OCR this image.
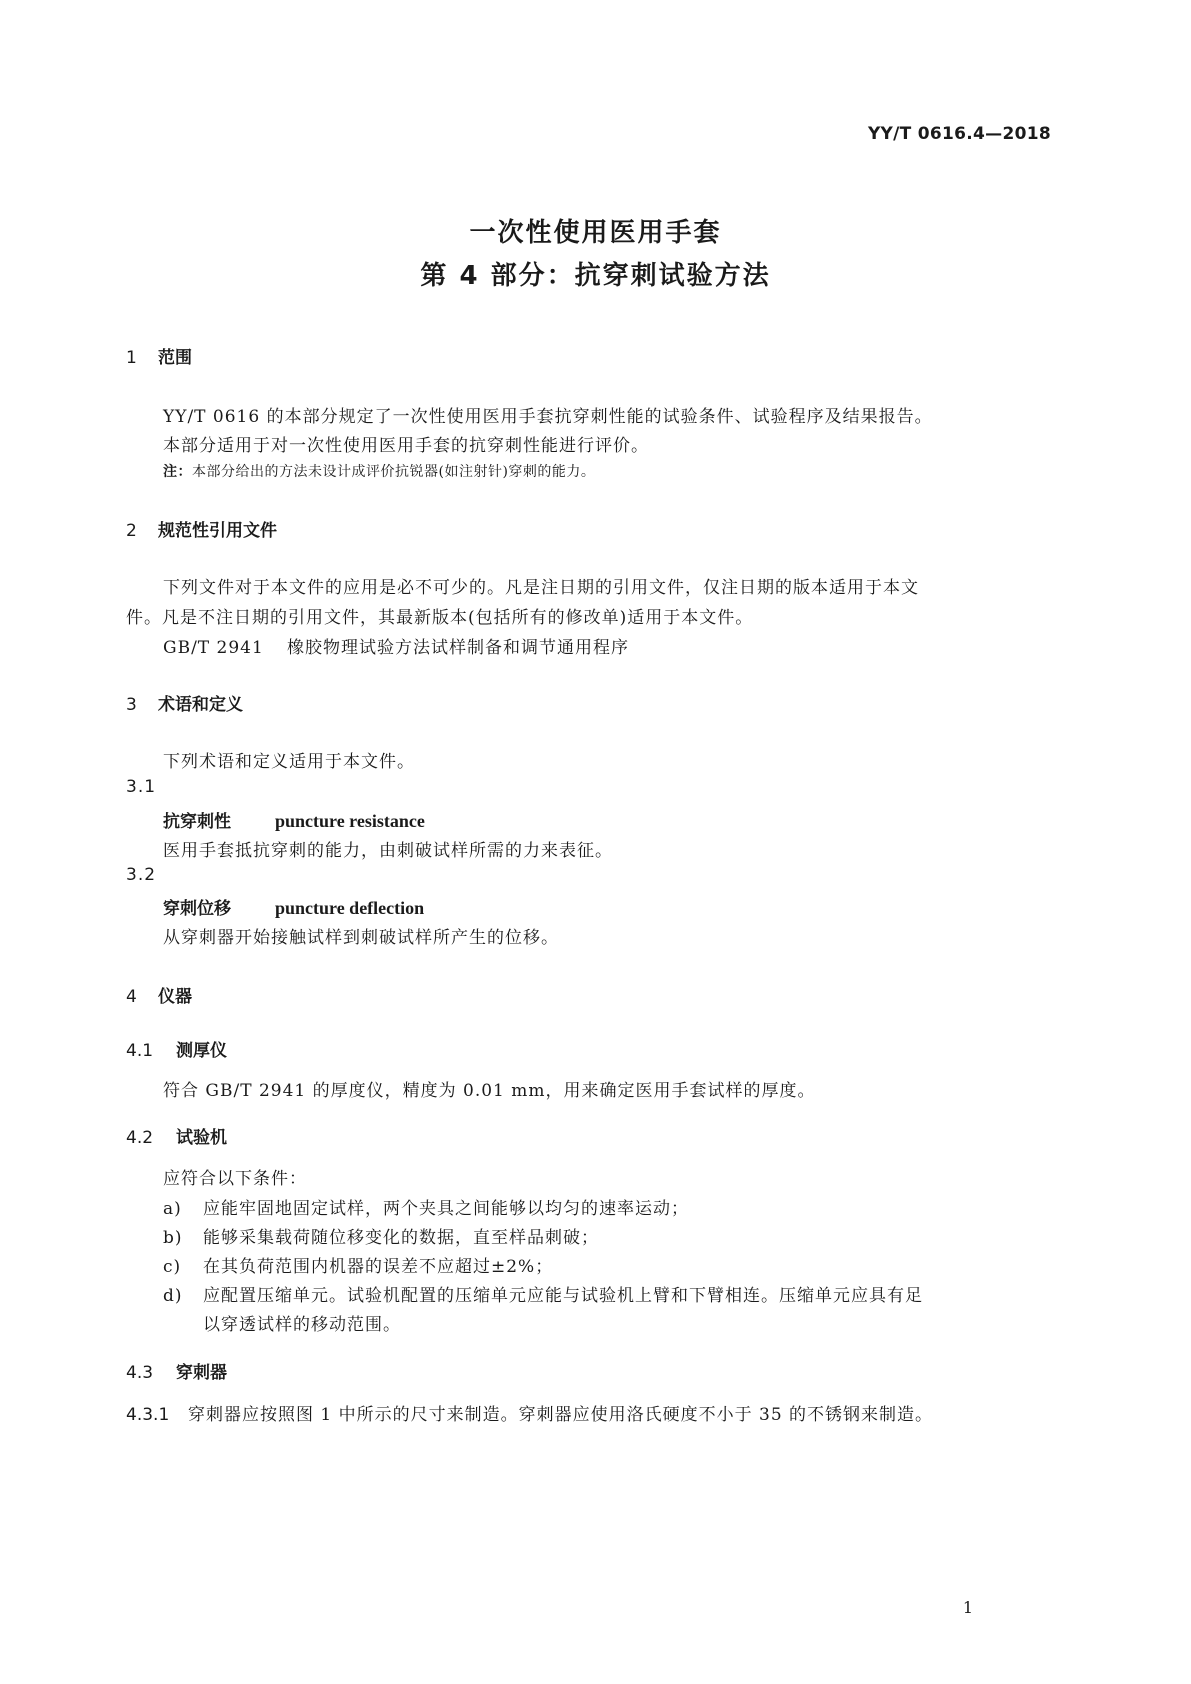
YY/T 0616.4—2018
一次性使用医用手套
第 4 部分：抗穿刺试验方法
1 范围
YY/T 0616 的本部分规定了一次性使用医用手套抗穿刺性能的试验条件、试验程序及结果报告。
本部分适用于对一次性使用医用手套的抗穿刺性能进行评价。
注：本部分给出的方法未设计成评价抗锐器(如注射针)穿刺的能力。
2 规范性引用文件
下列文件对于本文件的应用是必不可少的。凡是注日期的引用文件，仅注日期的版本适用于本文
件。凡是不注日期的引用文件，其最新版本(包括所有的修改单)适用于本文件。
GB/T 2941 橡胶物理试验方法试样制备和调节通用程序
3 术语和定义
下列术语和定义适用于本文件。
3.1
抗穿刺性 puncture resistance
医用手套抵抗穿刺的能力，由刺破试样所需的力来表征。
3.2
穿刺位移 puncture deflection
从穿刺器开始接触试样到刺破试样所产生的位移。
4 仪器
4.1 测厚仪
符合 GB/T 2941 的厚度仪，精度为 0.01 mm，用来确定医用手套试样的厚度。
4.2 试验机
应符合以下条件：
a) 应能牢固地固定试样，两个夹具之间能够以均匀的速率运动；
b) 能够采集载荷随位移变化的数据，直至样品刺破；
c) 在其负荷范围内机器的误差不应超过±2%；
d) 应配置压缩单元。试验机配置的压缩单元应能与试验机上臂和下臂相连。压缩单元应具有足
以穿透试样的移动范围。
4.3 穿刺器
4.3.1 穿刺器应按照图 1 中所示的尺寸来制造。穿刺器应使用洛氏硬度不小于 35 的不锈钢来制造。
1
